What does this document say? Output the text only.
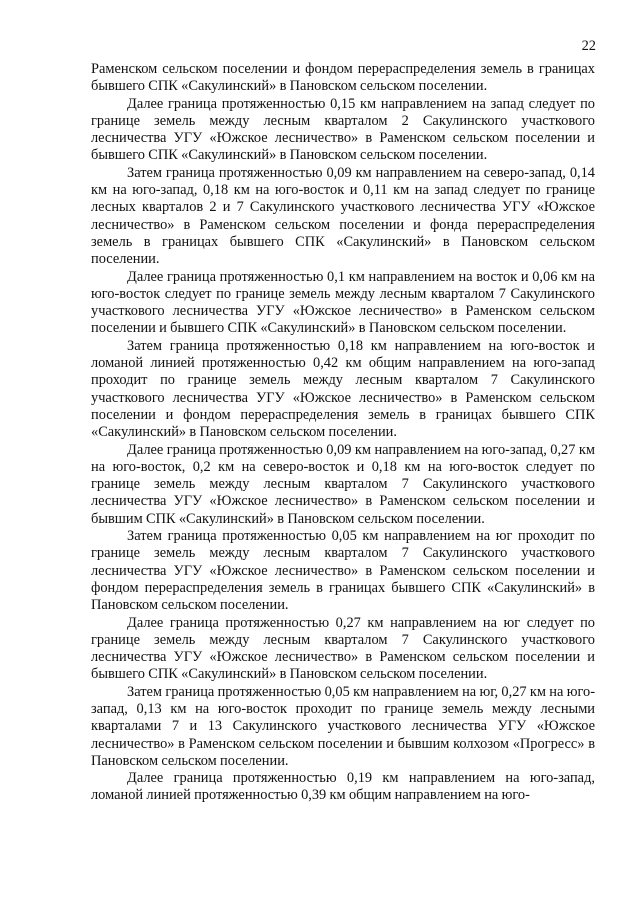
22

Раменском сельском поселении и фондом перераспределения земель в границах бывшего СПК «Сакулинский» в Пановском сельском поселении.

Далее граница протяженностью 0,15 км направлением на запад следует по границе земель между лесным кварталом 2 Сакулинского участкового лесничества УГУ «Южское лесничество» в Раменском сельском поселении и бывшего СПК «Сакулинский» в Пановском сельском поселении.

Затем граница протяженностью 0,09 км направлением на северо-запад, 0,14 км на юго-запад, 0,18 км на юго-восток и 0,11 км на запад следует по границе лесных кварталов 2 и 7 Сакулинского участкового лесничества УГУ «Южское лесничество» в Раменском сельском поселении и фонда перераспределения земель в границах бывшего СПК «Сакулинский» в Пановском сельском поселении.

Далее граница протяженностью 0,1 км направлением на восток и 0,06 км на юго-восток следует по границе земель между лесным кварталом 7 Сакулинского участкового лесничества УГУ «Южское лесничество» в Раменском сельском поселении и бывшего СПК «Сакулинский» в Пановском сельском поселении.

Затем граница протяженностью 0,18 км направлением на юго-восток и ломаной линией протяженностью 0,42 км общим направлением на юго-запад проходит по границе земель между лесным кварталом 7 Сакулинского участкового лесничества УГУ «Южское лесничество» в Раменском сельском поселении и фондом перераспределения земель в границах бывшего СПК «Сакулинский» в Пановском сельском поселении.

Далее граница протяженностью 0,09 км направлением на юго-запад, 0,27 км на юго-восток, 0,2 км на северо-восток и 0,18 км на юго-восток следует по границе земель между лесным кварталом 7 Сакулинского участкового лесничества УГУ «Южское лесничество» в Раменском сельском поселении и бывшим СПК «Сакулинский» в Пановском сельском поселении.

Затем граница протяженностью 0,05 км направлением на юг проходит по границе земель между лесным кварталом 7 Сакулинского участкового лесничества УГУ «Южское лесничество» в Раменском сельском поселении и фондом перераспределения земель в границах бывшего СПК «Сакулинский» в Пановском сельском поселении.

Далее граница протяженностью 0,27 км направлением на юг следует по границе земель между лесным кварталом 7 Сакулинского участкового лесничества УГУ «Южское лесничество» в Раменском сельском поселении и бывшего СПК «Сакулинский» в Пановском сельском поселении.

Затем граница протяженностью 0,05 км направлением на юг, 0,27 км на юго-запад, 0,13 км на юго-восток проходит по границе земель между лесными кварталами 7 и 13 Сакулинского участкового лесничества УГУ «Южское лесничество» в Раменском сельском поселении и бывшим колхозом «Прогресс» в Пановском сельском поселении.

Далее граница протяженностью 0,19 км направлением на юго-запад, ломаной линией протяженностью 0,39 км общим направлением на юго-
